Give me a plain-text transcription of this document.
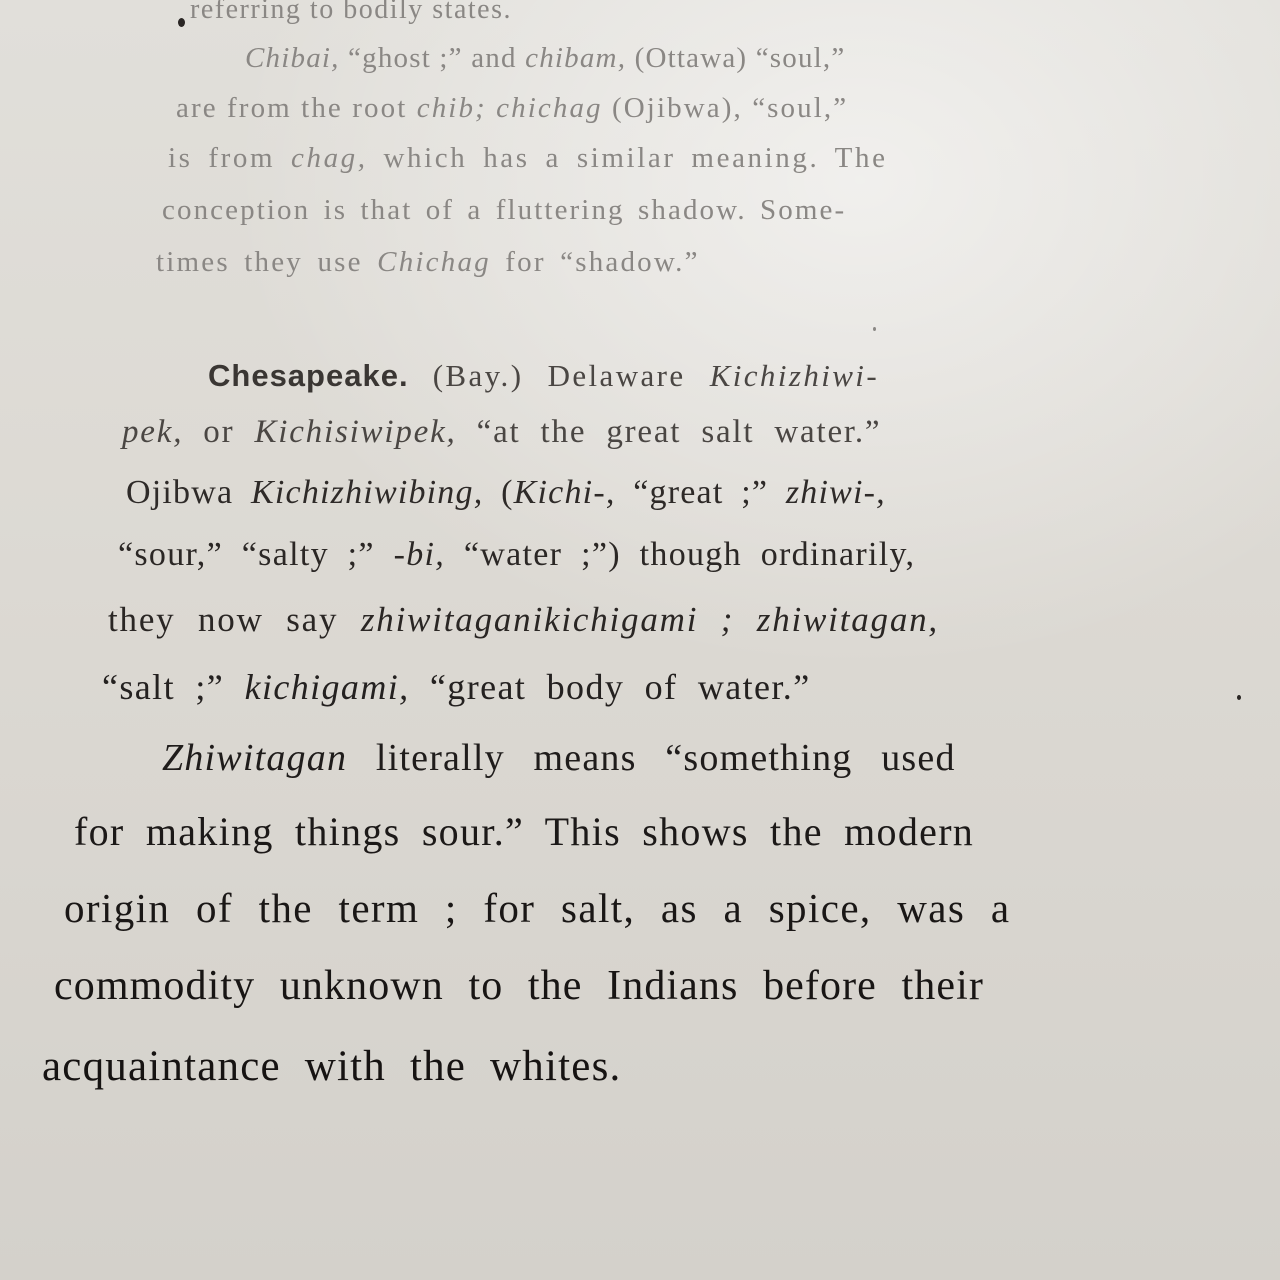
referring to bodily states.

Chibai, “ghost ;” and chibam, (Ottawa) “soul,”

are from the root chib; chichag (Ojibwa), “soul,”

is from chag, which has a similar meaning. The

conception is that of a fluttering shadow. Some-

times they use Chichag for “shadow.”

Chesapeake. (Bay.) Delaware Kichizhiwi-

pek, or Kichisiwipek, “at the great salt water.”

Ojibwa Kichizhiwibing, (Kichi-, “great ;” zhiwi-,

“sour,” “salty ;” -bi, “water ;”) though ordinarily,

they now say zhiwitaganikichigami ; zhiwitagan,

“salt ;” kichigami, “great body of water.”

Zhiwitagan literally means “something used

for making things sour.” This shows the modern

origin of the term ; for salt, as a spice, was a

commodity unknown to the Indians before their

acquaintance with the whites.
